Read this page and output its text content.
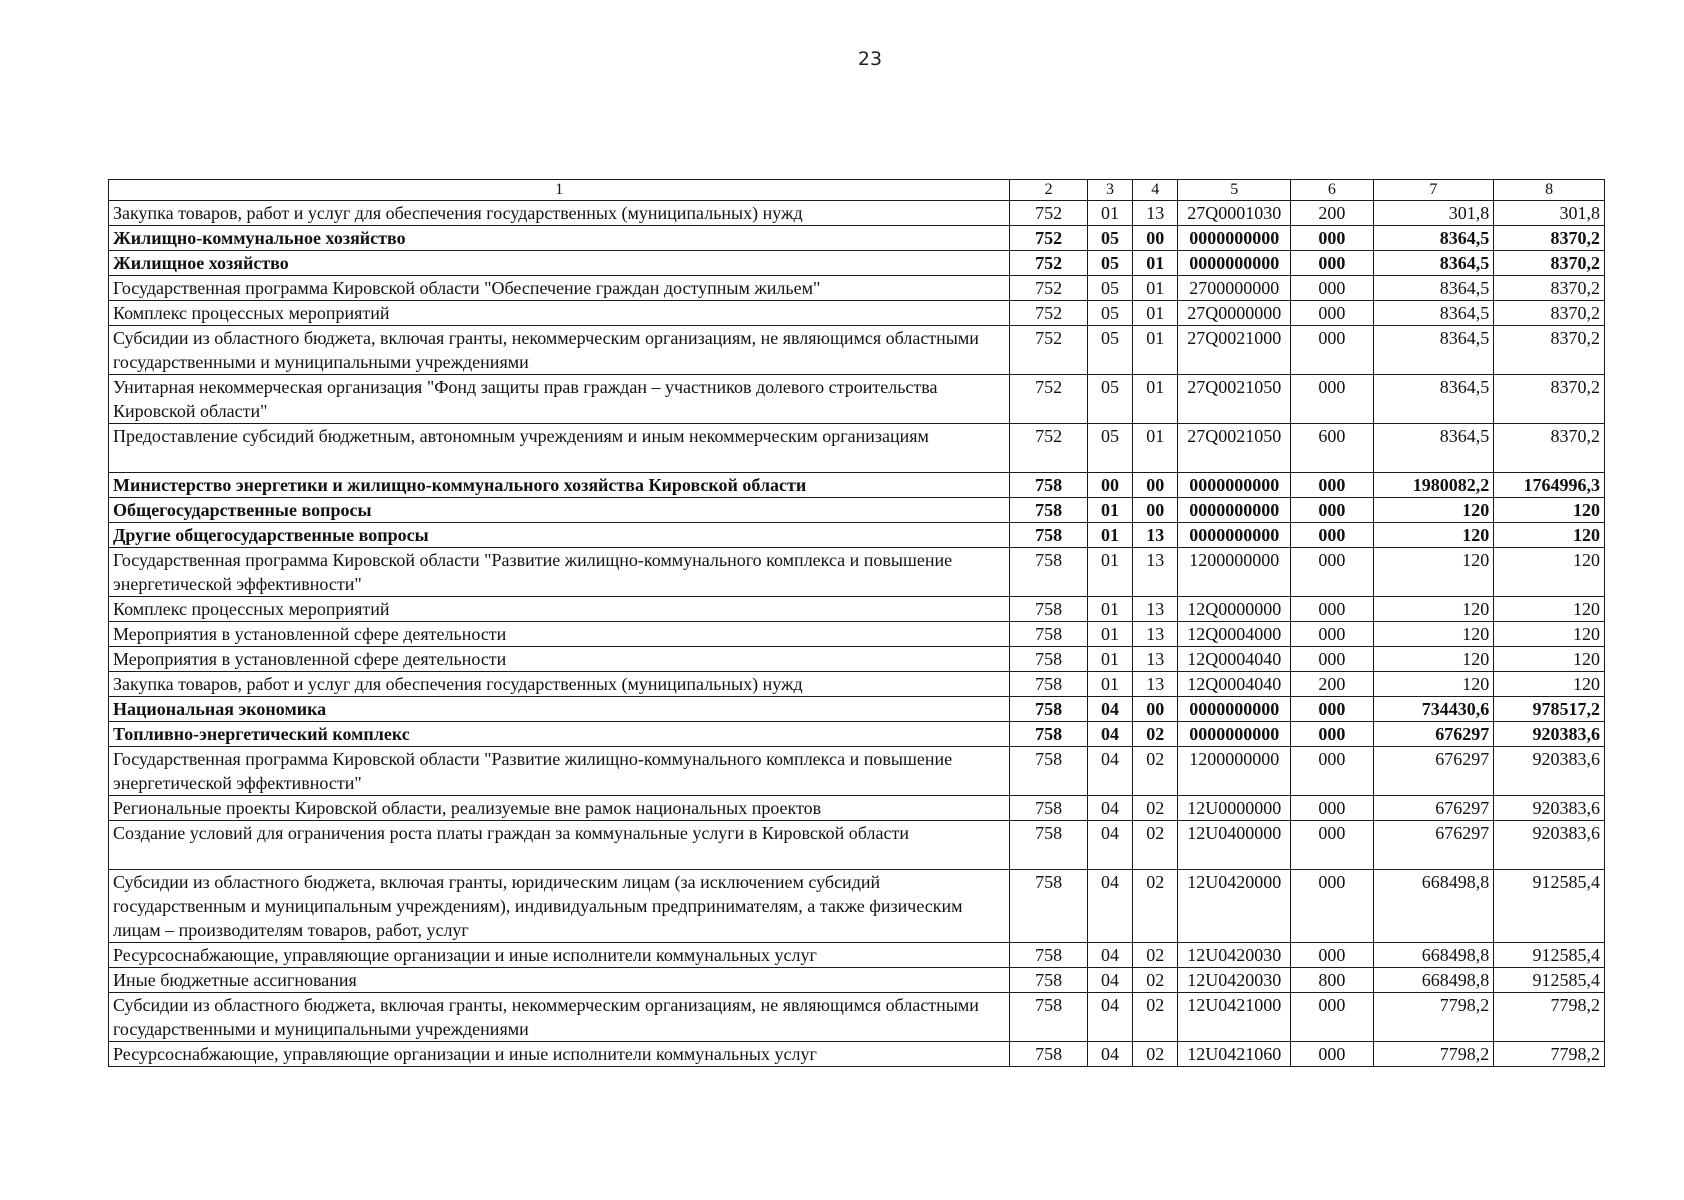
23
1	2	3	4	5	6	7	8
Закупка товаров, работ и услуг для обеспечения государственных (муниципальных) нужд	752	01	13	27Q0001030	200	301,8	301,8
Жилищно-коммунальное хозяйство	752	05	00	0000000000	000	8364,5	8370,2
Жилищное хозяйство	752	05	01	0000000000	000	8364,5	8370,2
Государственная программа Кировской области "Обеспечение граждан доступным жильем"	752	05	01	2700000000	000	8364,5	8370,2
Комплекс процессных мероприятий	752	05	01	27Q0000000	000	8364,5	8370,2
Субсидии из областного бюджета, включая гранты, некоммерческим организациям, не являющимся областными государственными и муниципальными учреждениями	752	05	01	27Q0021000	000	8364,5	8370,2
Унитарная некоммерческая организация "Фонд защиты прав граждан – участников долевого строительства Кировской области"	752	05	01	27Q0021050	000	8364,5	8370,2
Предоставление субсидий бюджетным, автономным учреждениям и иным некоммерческим организациям	752	05	01	27Q0021050	600	8364,5	8370,2
Министерство энергетики и жилищно-коммунального хозяйства Кировской области	758	00	00	0000000000	000	1980082,2	1764996,3
Общегосударственные вопросы	758	01	00	0000000000	000	120	120
Другие общегосударственные вопросы	758	01	13	0000000000	000	120	120
Государственная программа Кировской области "Развитие жилищно-коммунального комплекса и повышение энергетической эффективности"	758	01	13	1200000000	000	120	120
Комплекс процессных мероприятий	758	01	13	12Q0000000	000	120	120
Мероприятия в установленной сфере деятельности	758	01	13	12Q0004000	000	120	120
Мероприятия в установленной сфере деятельности	758	01	13	12Q0004040	000	120	120
Закупка товаров, работ и услуг для обеспечения государственных (муниципальных) нужд	758	01	13	12Q0004040	200	120	120
Национальная экономика	758	04	00	0000000000	000	734430,6	978517,2
Топливно-энергетический комплекс	758	04	02	0000000000	000	676297	920383,6
Государственная программа Кировской области "Развитие жилищно-коммунального комплекса и повышение энергетической эффективности"	758	04	02	1200000000	000	676297	920383,6
Региональные проекты Кировской области, реализуемые вне рамок национальных проектов	758	04	02	12U0000000	000	676297	920383,6
Создание условий для ограничения роста платы граждан за коммунальные услуги в Кировской области	758	04	02	12U0400000	000	676297	920383,6
Субсидии из областного бюджета, включая гранты, юридическим лицам (за исключением субсидий государственным и муниципальным учреждениям), индивидуальным предпринимателям, а также физическим лицам – производителям товаров, работ, услуг	758	04	02	12U0420000	000	668498,8	912585,4
Ресурсоснабжающие, управляющие организации и иные исполнители коммунальных услуг	758	04	02	12U0420030	000	668498,8	912585,4
Иные бюджетные ассигнования	758	04	02	12U0420030	800	668498,8	912585,4
Субсидии из областного бюджета, включая гранты, некоммерческим организациям, не являющимся областными государственными и муниципальными учреждениями	758	04	02	12U0421000	000	7798,2	7798,2
Ресурсоснабжающие, управляющие организации и иные исполнители коммунальных услуг	758	04	02	12U0421060	000	7798,2	7798,2
